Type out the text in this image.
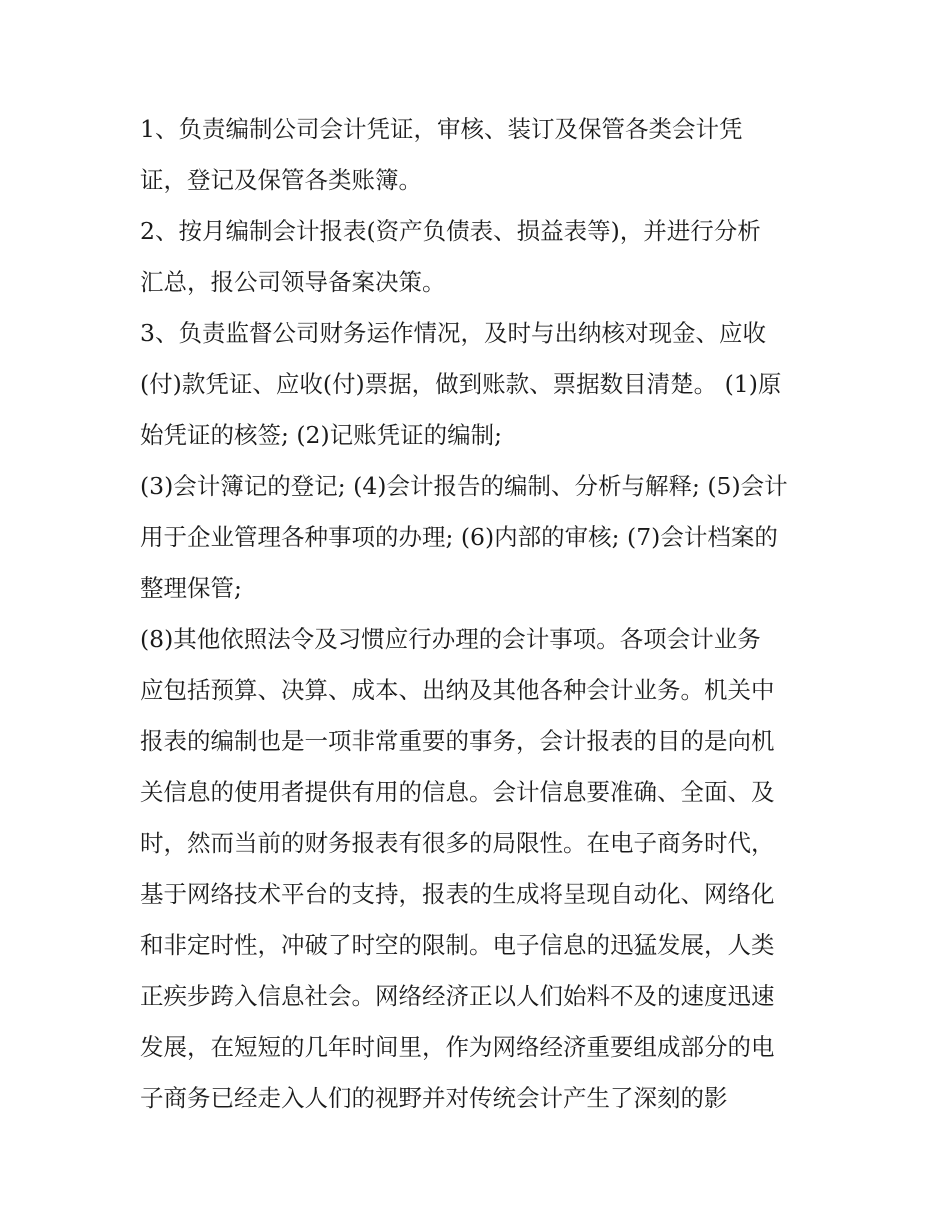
1、负责编制公司会计凭证，审核、装订及保管各类会计凭
证，登记及保管各类账簿。
2、按月编制会计报表(资产负债表、损益表等)，并进行分析
汇总，报公司领导备案决策。
3、负责监督公司财务运作情况，及时与出纳核对现金、应收
(付)款凭证、应收(付)票据，做到账款、票据数目清楚。 (1)原
始凭证的核签; (2)记账凭证的编制;
(3)会计簿记的登记; (4)会计报告的编制、分析与解释; (5)会计
用于企业管理各种事项的办理; (6)内部的审核; (7)会计档案的
整理保管;
(8)其他依照法令及习惯应行办理的会计事项。各项会计业务
应包括预算、决算、成本、出纳及其他各种会计业务。机关中
报表的编制也是一项非常重要的事务，会计报表的目的是向机
关信息的使用者提供有用的信息。会计信息要准确、全面、及
时，然而当前的财务报表有很多的局限性。在电子商务时代，
基于网络技术平台的支持，报表的生成将呈现自动化、网络化
和非定时性，冲破了时空的限制。电子信息的迅猛发展，人类
正疾步跨入信息社会。网络经济正以人们始料不及的速度迅速
发展，在短短的几年时间里，作为网络经济重要组成部分的电
子商务已经走入人们的视野并对传统会计产生了深刻的影
